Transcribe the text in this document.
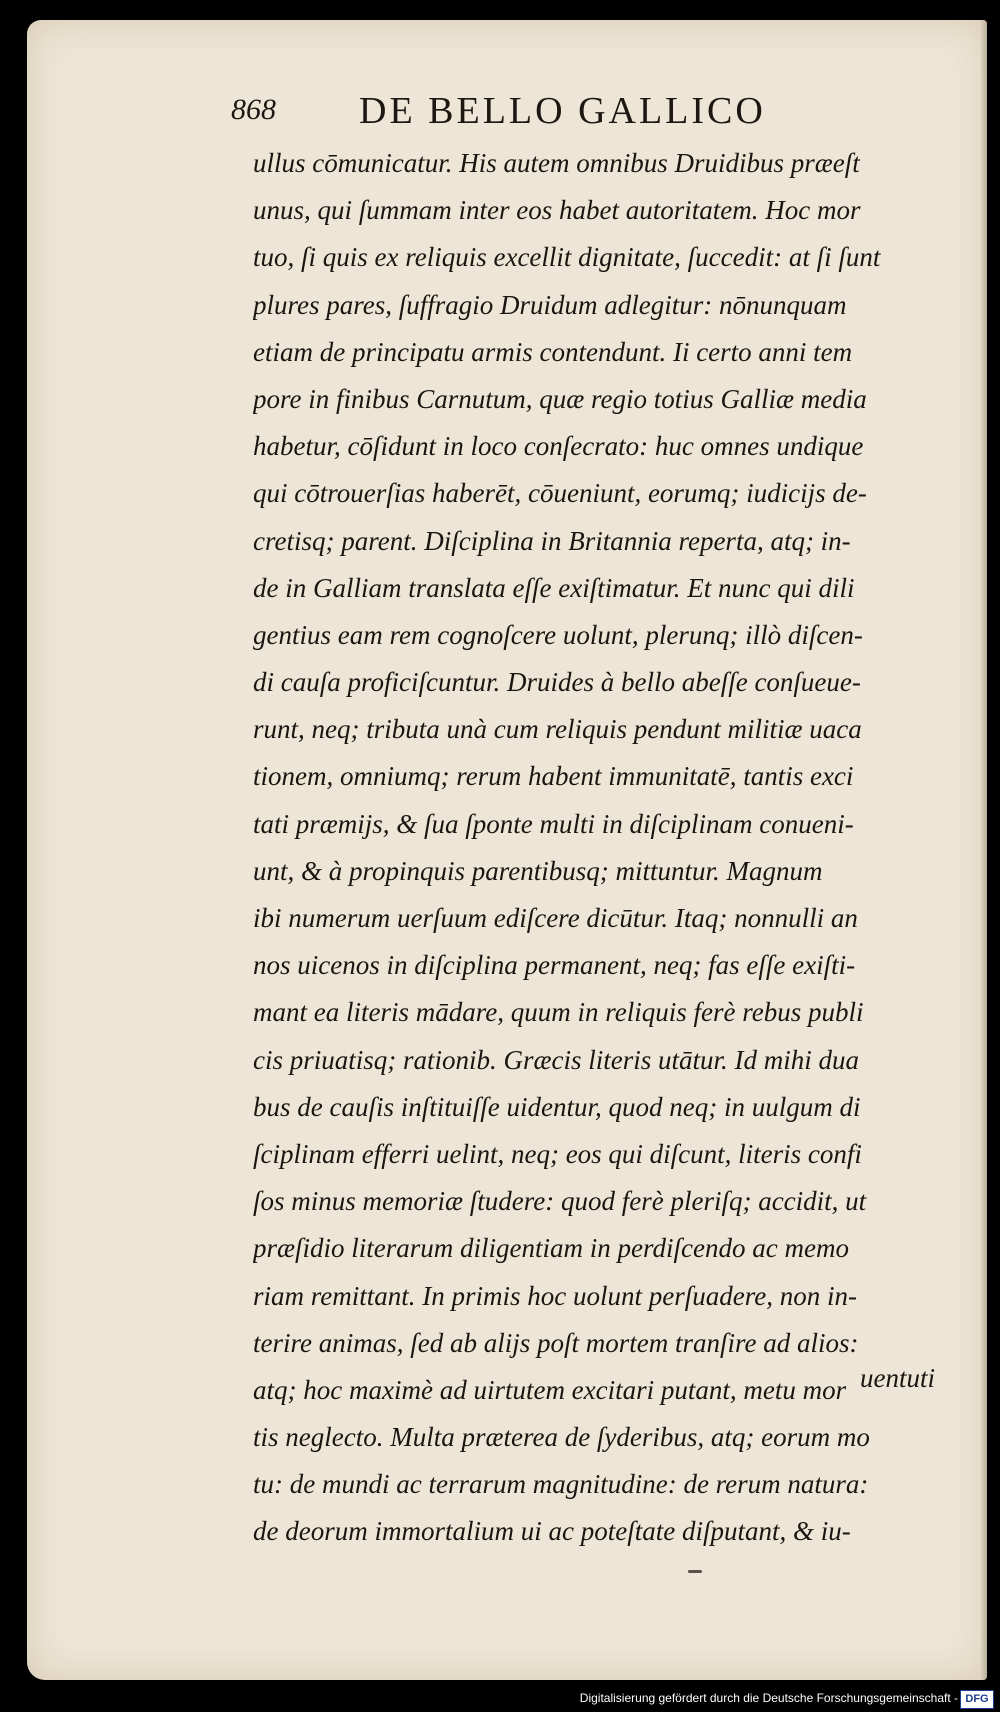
868 DE BELLO GALLICO
ullus cōmunicatur. His autem omnibus Druidibus præeſt
unus, qui ſummam inter eos habet autoritatem. Hoc mor
tuo, ſi quis ex reliquis excellit dignitate, ſuccedit: at ſi ſunt
plures pares, ſuffragio Druidum adlegitur: nōnunquam
etiam de principatu armis contendunt. Ii certo anni tem
pore in finibus Carnutum, quæ regio totius Galliæ media
habetur, cōſidunt in loco conſecrato: huc omnes undique
qui cōtrouerſias haberēt, cōueniunt, eorumq; iudicijs de-
cretisq; parent. Diſciplina in Britannia reperta, atq; in-
de in Galliam translata eſſe exiſtimatur. Et nunc qui dili
gentius eam rem cognoſcere uolunt, plerunq; illò diſcen-
di cauſa proficiſcuntur. Druides à bello abeſſe conſueue-
runt, neq; tributa unà cum reliquis pendunt militiæ uaca
tionem, omniumq; rerum habent immunitatē, tantis exci
tati præmijs, & ſua ſponte multi in diſciplinam conueni-
unt, & à propinquis parentibusq; mittuntur. Magnum
ibi numerum uerſuum ediſcere dicūtur. Itaq; nonnulli an
nos uicenos in diſciplina permanent, neq; fas eſſe exiſti-
mant ea literis mādare, quum in reliquis ferè rebus publi
cis priuatisq; rationib. Græcis literis utātur. Id mihi dua
bus de cauſis inſtituiſſe uidentur, quod neq; in uulgum di
ſciplinam efferri uelint, neq; eos qui diſcunt, literis confi
ſos minus memoriæ ſtudere: quod ferè pleriſq; accidit, ut
præſidio literarum diligentiam in perdiſcendo ac memo
riam remittant. In primis hoc uolunt perſuadere, non in-
terire animas, ſed ab alijs poſt mortem tranſire ad alios:
atq; hoc maximè ad uirtutem excitari putant, metu mor
tis neglecto. Multa præterea de ſyderibus, atq; eorum mo
tu: de mundi ac terrarum magnitudine: de rerum natura:
de deorum immortalium ui ac poteſtate diſputant, & iu-
uentuti
Digitalisierung gefördert durch die Deutsche Forschungsgemeinschaft - DFG
